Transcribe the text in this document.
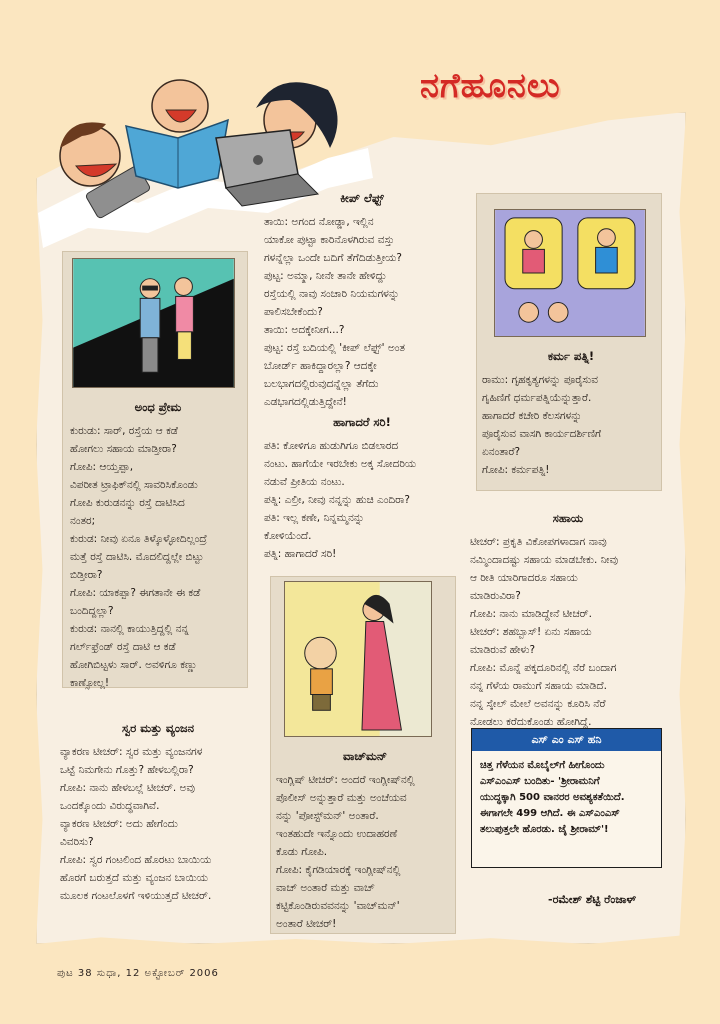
ನಗೆಹೂನಲು
ಅಂಧ ಪ್ರೇಮ

ಕುರುಡು: ಸಾರ್, ರಸ್ತೆಯ ಆ ಕಡೆ

ಹೋಗಲು ಸಹಾಯ ಮಾಡ್ತೀರಾ?

ಗೋಪಿ: ಆಯ್ತಪ್ಪಾ,

ವಿಪರೀತ ಟ್ರಾಫಿಕ್‌ನಲ್ಲಿ ಸಾವರಿಸಿಕೊಂಡು

ಗೋಪಿ ಕುರುಡನನ್ನು ರಸ್ತೆ ದಾಟಿಸಿದ

ನಂತರ;

ಕುರುಡ: ನೀವು ಏನೂ ತಿಳ್ಕೊಳ್ಳೋದಿಲ್ಲಂದ್ರೆ

ಮತ್ತೆ ರಸ್ತೆ ದಾಟಿಸಿ. ಮೊದಲಿದ್ದಲ್ಲೇ ಬಿಟ್ಟು

ಬಿಡ್ತೀರಾ?

ಗೋಪಿ: ಯಾಕಪ್ಪಾ? ಈಗತಾನೇ ಈ ಕಡೆ

ಬಂದಿದ್ದಲ್ಲಾ?

ಕುರುಡ: ನಾನಲ್ಲಿ ಕಾಯುತ್ತಿದ್ದಲ್ಲಿ ನನ್ನ

ಗರ್ಲ್‌ಫ್ರೆಂಡ್ ರಸ್ತೆ ದಾಟಿ ಆ ಕಡೆ

ಹೋಗಿಬಿಟ್ಟಳು ಸಾರ್. ಅವಳಿಗೂ ಕಣ್ಣು

ಕಾಣ್ಸೋಲ್ಲ!

ಸ್ವರ ಮತ್ತು ವ್ಯಂಜನ

ವ್ಯಾಕರಣ ಟೀಚರ್: ಸ್ವರ ಮತ್ತು ವ್ಯಂಜನಗಳ

ಒಟ್ಟೆ ನಿಮಗೇನು ಗೊತ್ತು? ಹೇಳಬಲ್ಲಿರಾ?

ಗೋಪಿ: ನಾನು ಹೇಳಬಲ್ಲೆ ಟೀಚರ್. ಅವು

ಒಂದಕ್ಕೊಂದು ವಿರುದ್ಧವಾಗಿವೆ.

ವ್ಯಾಕರಣ ಟೀಚರ್: ಅದು ಹೇಗೆಂದು

ವಿವರಿಸು?

ಗೋಪಿ: ಸ್ವರ ಗಂಟಲಿಂದ ಹೊರಟು ಬಾಯಿಯ

ಹೊರಗೆ ಬರುತ್ತದೆ ಮತ್ತು ವ್ಯಂಜನ ಬಾಯಿಯ

ಮೂಲಕ ಗಂಟಲೊಳಗೆ ಇಳಿಯುತ್ತದೆ ಟೀಚರ್.

ಕೀಪ್ ಲೆಫ್ಟ್

ತಾಯಿ: ಅಗಂದ ನೋಡ್ಡಾ, ಇಲ್ಲಿನ

ಯಾಕೋ ಪುಟ್ಟಾ ಕಾರಿನೊಳಗಿರುವ ವಸ್ತು

ಗಳನ್ನೆಲ್ಲಾ ಒಂದೇ ಬದಿಗೆ ತೆಗೆದಿಡುತ್ತೀಯ?

ಪುಟ್ಟ: ಅಮ್ಮಾ, ನೀನೇ ತಾನೇ ಹೇಳಿದ್ದು

ರಸ್ತೆಯಲ್ಲಿ ನಾವು ಸಂಚಾರಿ ನಿಯಮಗಳನ್ನು

ಪಾಲಿಸಬೇಕೆಂದು?

ತಾಯಿ: ಅದಕ್ಕೇನೀಗ...?

ಪುಟ್ಟ: ರಸ್ತೆ ಬದಿಯಲ್ಲಿ 'ಕೀಪ್ ಲೆಫ್ಟ್' ಅಂತ

ಬೋರ್ಡ್ ಹಾಕಿದ್ದಾರಲ್ಲಾ? ಆದಕ್ಕೇ

ಬಲಭಾಗದಲ್ಲಿರುವುದನ್ನೆಲ್ಲಾ ತೆಗೆದು

ಎಡಭಾಗದಲ್ಲಿಡುತ್ತಿದ್ದೇನೆ!

ಹಾಗಾದರೆ ಸರಿ!

ಪತಿ: ಕೋಳಿಗೂ ಹುಡುಗಿಗೂ ಬಿಡಲಾರದ

ನಂಟು. ಹಾಗೆಯೇ ಇರಬೇಕು ಅಕ್ಕ ಸೋದರಿಯ

ನಡುವೆ ಪ್ರೀತಿಯ ನಂಟು.

ಪತ್ನಿ: ಎಲ್ರೀ, ನೀವು ನನ್ನನ್ನು ಹುಚಿ ಎಂದಿರಾ?

ಪತಿ: ಇಲ್ಲ ಕಣೇ, ನಿನ್ನಮ್ಮನನ್ನು

ಕೋಳಿಯೆಂದೆ.

ಪತ್ನಿ: ಹಾಗಾದರೆ ಸರಿ!

ವಾಚ್‌ಮನ್

ಇಂಗ್ಲಿಷ್ ಟೀಚರ್: ಅಂದರೆ ಇಂಗ್ಲೀಷ್‌ನಲ್ಲಿ

ಪೊಲೀಸ್ ಅನ್ನುತ್ತಾರೆ ಮತ್ತು ಅಂಚೆಯವ

ನನ್ನು 'ಪೋಸ್ಟ್‌ಮನ್' ಅಂತಾರೆ.

ಇಂತಹುದೇ ಇನ್ನೊಂದು ಉದಾಹರಣೆ

ಕೊಡು ಗೋಪಿ.

ಗೋಪಿ: ಕೈಗಡಿಯಾರಕ್ಕೆ ಇಂಗ್ಲೀಷ್‌ನಲ್ಲಿ

ವಾಚ್ ಅಂತಾರೆ ಮತ್ತು ವಾಚ್

ಕಟ್ಟಿಕೊಂಡಿರುವವನನ್ನು 'ವಾಚ್‌ಮನ್'

ಅಂತಾರೆ ಟೀಚರ್!

ಕರ್ಮ ಪತ್ನಿ!

ರಾಮು: ಗೃಹಕೃತ್ಯಗಳನ್ನು ಪೂರೈಸುವ

ಗೃಹಿಣಿಗೆ ಧರ್ಮಪತ್ನಿಯೆನ್ನುತ್ತಾರೆ.

ಹಾಗಾದರೆ ಕಚೇರಿ ಕೆಲಸಗಳನ್ನು

ಪೂರೈಸುವ ವಾಸಗಿ ಕಾರ್ಯದರ್ಶಿಣಿಗೆ

ಏನಂತಾರೆ?

ಗೋಪಿ: ಕರ್ಮಪತ್ನಿ!

ಸಹಾಯ

ಟೀಚರ್: ಪ್ರಕೃತಿ ವಿಕೋಪಗಳಾದಾಗ ನಾವು

ನಮ್ಮಿಂದಾದಷ್ಟು ಸಹಾಯ ಮಾಡಬೇಕು. ನೀವು

ಆ ರೀತಿ ಯಾರಿಗಾದರೂ ಸಹಾಯ

ಮಾಡಿರುವಿರಾ?

ಗೋಪಿ: ನಾನು ಮಾಡಿದ್ದೇನೆ ಟೀಚರ್.

ಟೀಚರ್: ಶಹಬ್ಬಾಸ್! ಏನು ಸಹಾಯ

ಮಾಡಿರುವೆ ಹೇಳು?

ಗೋಪಿ: ಮೊನ್ನೆ ಪಕ್ಕದೂರಿನಲ್ಲಿ ನೆರೆ ಬಂದಾಗ

ನನ್ನ ಗೆಳೆಯ ರಾಮುಗೆ ಸಹಾಯ ಮಾಡಿದೆ.

ನನ್ನ ಸ್ಕೇಲ್ ಮೇಲೆ ಅವನನ್ನು ಕೂರಿಸಿ ನೆರೆ

ನೋಡಲು ಕರೆದುಕೊಂಡು ಹೋಗಿದ್ದೆ.

ಎಸ್ ಎಂ ಎಸ್ ಹನಿ

ಚಿತ್ತ ಗೆಳೆಯನ ಮೊಬೈಲ್‌ಗೆ ಹೀಗೊಂದು

ಎಸ್‌ಎಂಎಸ್ ಬಂದಿತು- 'ಶ್ರೀರಾಮನಿಗೆ

ಯುದ್ಧಕ್ಕಾಗಿ 500 ವಾನರರ ಅವಶ್ಯಕತೆಯಿದೆ.

ಈಗಾಗಲೇ 499 ಆಗಿದೆ. ಈ ಎಸ್‌ಎಂಎಸ್

ತಲುಪುತ್ತಲೇ ಹೊರಡು. ಜೈ ಶ್ರೀರಾಮ್'!

-ರಮೇಶ್ ಶೆಟ್ಟಿ ರೆಂಜಾಳ್
ಪುಟ 38 ಸುಧಾ, 12 ಅಕ್ಟೋಬರ್ 2006
